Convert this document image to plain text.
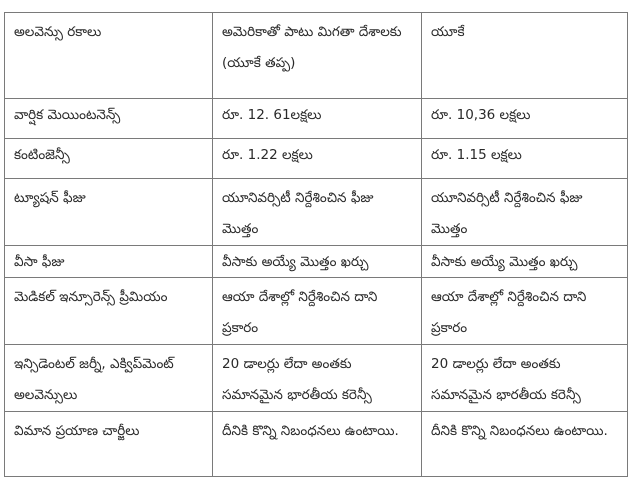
అలవెన్సు రకాలు	అమెరికాతో పాటు మిగతా దేశాలకు (యూకే తప్ప)	యూకే
వార్షిక మెయింటనెన్స్	రూ. 12. 61లక్షలు	రూ. 10,36 లక్షలు
కంటింజెన్సీ	రూ. 1.22 లక్షలు	రూ. 1.15 లక్షలు
ట్యూషన్ ఫీజు	యూనివర్సిటీ నిర్దేశించిన ఫీజు మొత్తం	యూనివర్సిటీ నిర్దేశించిన ఫీజు మొత్తం
వీసా ఫీజు	వీసాకు అయ్యే మొత్తం ఖర్చు	వీసాకు అయ్యే మొత్తం ఖర్చు
మెడికల్ ఇన్సూరెన్స్ ప్రీమియం	ఆయా దేశాల్లో నిర్దేశించిన దాని ప్రకారం	ఆయా దేశాల్లో నిర్దేశించిన దాని ప్రకారం
ఇన్సిడెంటల్ జర్నీ, ఎక్విప్‌మెంట్ అలవెన్సులు	20 డాలర్లు లేదా అంతకు సమానమైన భారతీయ కరెన్సీ	20 డాలర్లు లేదా అంతకు సమానమైన భారతీయ కరెన్సీ
విమాన ప్రయాణ చార్జీలు	దీనికి కొన్ని నిబంధనలు ఉంటాయి.	దీనికి కొన్ని నిబంధనలు ఉంటాయి.
